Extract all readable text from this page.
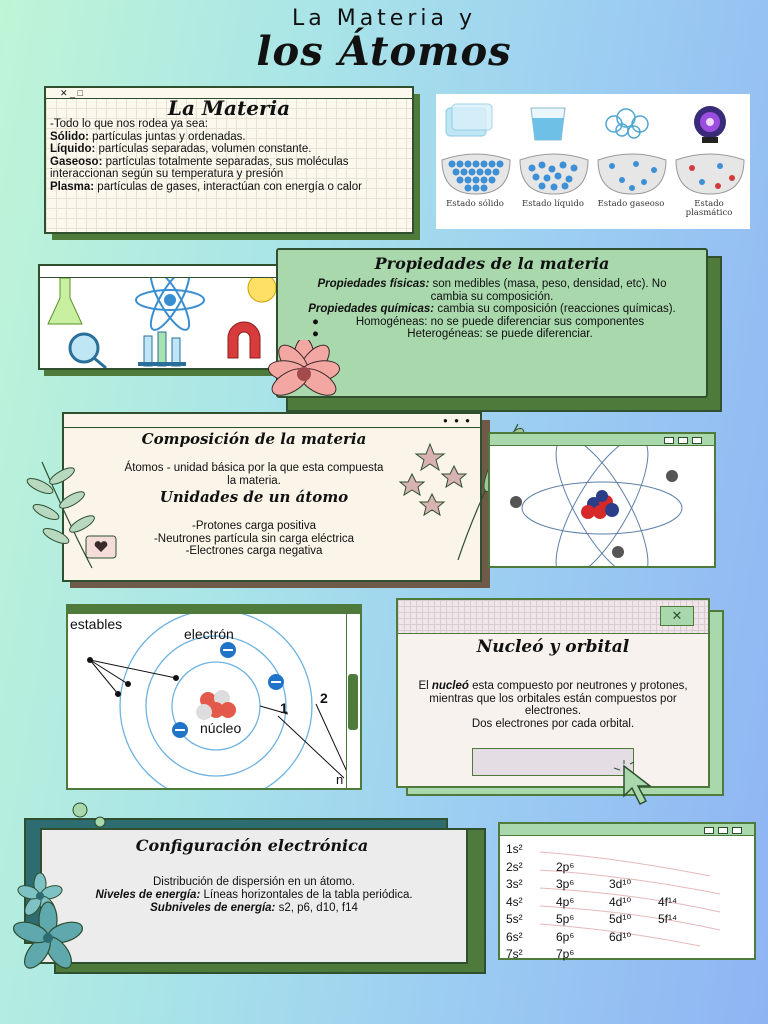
La Materia y
los Átomos
✕ _ □
La Materia
-Todo lo que nos rodea ya sea:
Sólido: partículas juntas y ordenadas.
Líquido: partículas separadas, volumen constante.
Gaseoso: partículas totalmente separadas, sus moléculas interaccionan según su temperatura y presión
Plasma: partículas de gases, interactúan con energía o calor
Estado sólido	Estado líquido	Estado gaseoso	Estado plasmático
Propiedades de la materia
Propiedades físicas: son medibles (masa, peso, densidad, etc). No cambia su composición.
Propiedades químicas: cambia su composición (reacciones químicas).
●	Homogéneas: no se puede diferenciar sus componentes
●	Heterogéneas: se puede diferenciar.
● ● ●
Composición de la materia
Átomos - unidad básica por la que esta compuesta la materia.
Unidades de un átomo
-Protones carga positiva
-Neutrones partícula sin carga eléctrica
-Electrones carga negativa
estables
electrón
núcleo
1
2
n
✕
Nucleó y orbital
El nucleó esta compuesto por neutrones y protones, mientras que los orbitales están compuestos por electrones.
Dos electrones por cada orbital.
Configuración electrónica
Distribución de dispersión en un átomo.
Niveles de energía: Líneas horizontales de la tabla periódica.
Subniveles de energía: s2, p6, d10, f14
1s²
2s²	2p⁶
3s²	3p⁶	3d¹⁰
4s²	4p⁶	4d¹⁰ 4f¹⁴
5s²	5p⁶	5d¹⁰ 5f¹⁴
6s²	6p⁶	6d¹⁰
7s²	7p⁶
